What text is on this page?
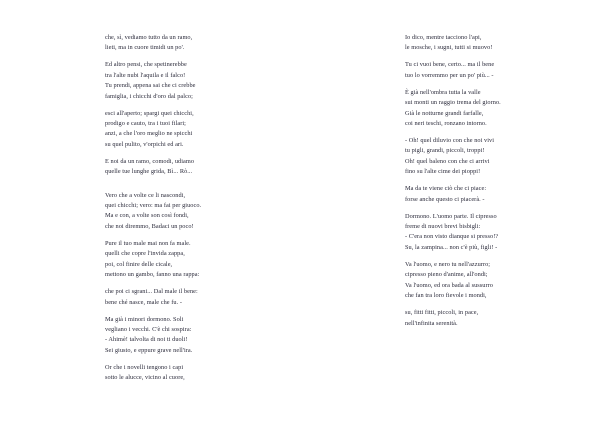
che, sì, vediamo tutto da un ramo,
lieti, ma in cuore timidi un po'.
Ed altro pensi, che spetinerebbe
tra l'alte nubi l'aquila e il falco!
Tu prendi, appena sai che ci crebbe
famiglia, i chicchi d'oro dal palco;
esci all'aperto; spargi quei chicchi,
prodigo e cauto, tra i tuoi filari;
anzi, a che l'oro meglio ne spicchi
su quel pulito, v'orpichi ed ari.
E noi da un ramo, comodi, udiamo
quelle tue lunghe grida, Bì... Rò...
Vero che a volte ce li nascondi,
quei chicchi; vero: ma fai per giuoco.
Ma e con, a volte son così fondi,
che noi diremmo, Badaci un poco!
Pure il tuo male mai non fa male.
quelli che copre l'invida zappa,
poi, col finire delle cicale,
mettono un gambo, fanno una rappa:
che poi ci sgrani... Dal male il bene:
bene ché nasce, male che fu. -
Ma già i minori dormono. Soli
vegliano i vecchi. C'è chi sospira:
- Ahimè! talvolta di noi ti duoli!
Sei giusto, e eppure grave nell'ira.
Or che i novelli tengono i capi
sotto le alucce, vicino al cuore,
Io dico, mentre tacciono l'api,
le mosche, i sugni, tutti si muovo!
Tu ci vuoi bene, certo... ma il bene
tuo lo vorremmo per un po' più... -
È già nell'ombra tutta la valle
sui monti un raggio trema del giorno.
Già le notturne grandi farfalle,
coi neri teschi, ronzano intorno.
- Oh! quel diluvio con che noi vivi
tu pigli, grandi, piccoli, troppi!
Oh! quel baleno con che ci arrivi
fino su l'alte cime dei pioppi!
Ma da te viene ciò che ci piace:
forse anche questo ci piacerà. -
Dormono. L'uomo parte. Il cipresso
freme di nuovi brevi bisbigli:
- C'era non visto dianque si presso!?
Su, la zampina... non c'è più, figli! -
Va l'uomo, e nero tu nell'azzurro;
cipresso pieno d'anime, all'ondi;
Va l'uomo, ed ora bada al sussurro
che fan tra loro fievole i mondi,
su, fitti fitti, piccoli, in pace,
nell'infinita serenità.
